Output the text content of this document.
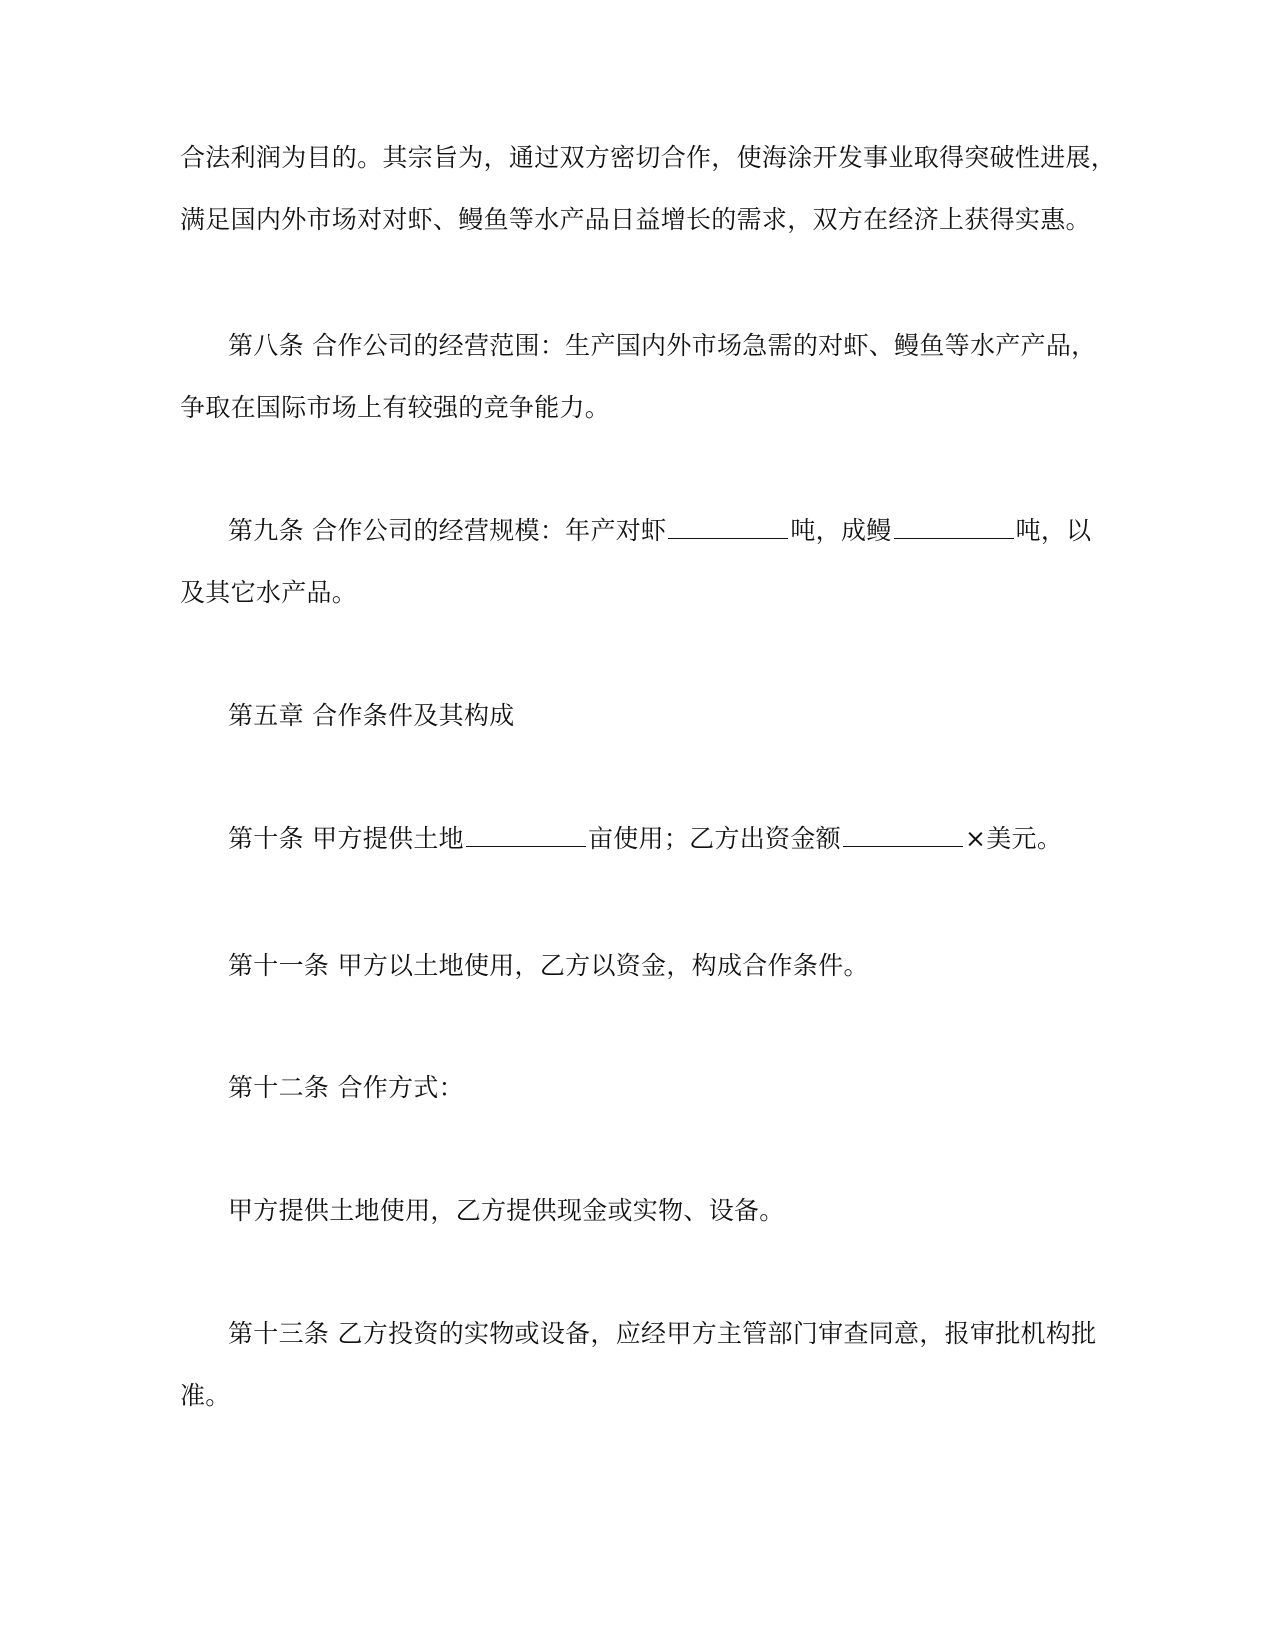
合法利润为目的。其宗旨为，通过双方密切合作，使海涂开发事业取得突破性进展，
满足国内外市场对对虾、鳗鱼等水产品日益增长的需求，双方在经济上获得实惠。
第八条 合作公司的经营范围：生产国内外市场急需的对虾、鳗鱼等水产产品，
争取在国际市场上有较强的竞争能力。
第九条 合作公司的经营规模：年产对虾	吨，成鳗	吨，以
及其它水产品。
第五章 合作条件及其构成
第十条 甲方提供土地	亩使用；乙方出资金额	×美元。
第十一条 甲方以土地使用，乙方以资金，构成合作条件。
第十二条 合作方式：
甲方提供土地使用，乙方提供现金或实物、设备。
第十三条 乙方投资的实物或设备，应经甲方主管部门审查同意，报审批机构批
准。
